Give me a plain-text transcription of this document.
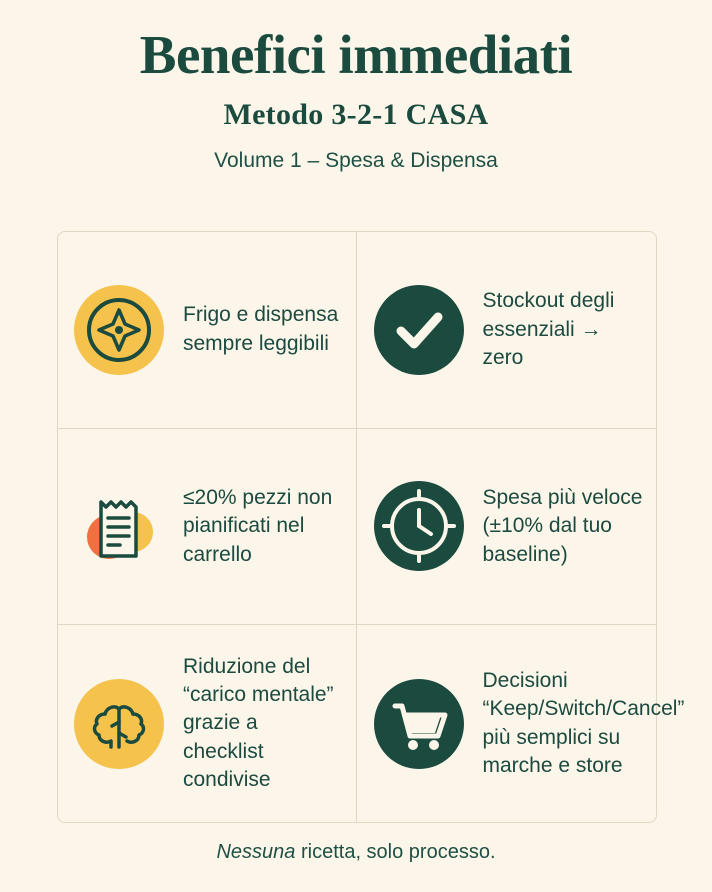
Benefici immediati
Metodo 3-2-1 CASA
Volume 1 – Spesa & Dispensa
Frigo e dispensa sempre leggibili
Stockout degli essenziali → zero
≤20% pezzi non pianificati nel carrello
Spesa più veloce (±10% dal tuo baseline)
Riduzione del “carico mentale” grazie a checklist condivise
Decisioni “Keep/Switch/Cancel” più semplici su marche e store
Nessuna ricetta, solo processo.
